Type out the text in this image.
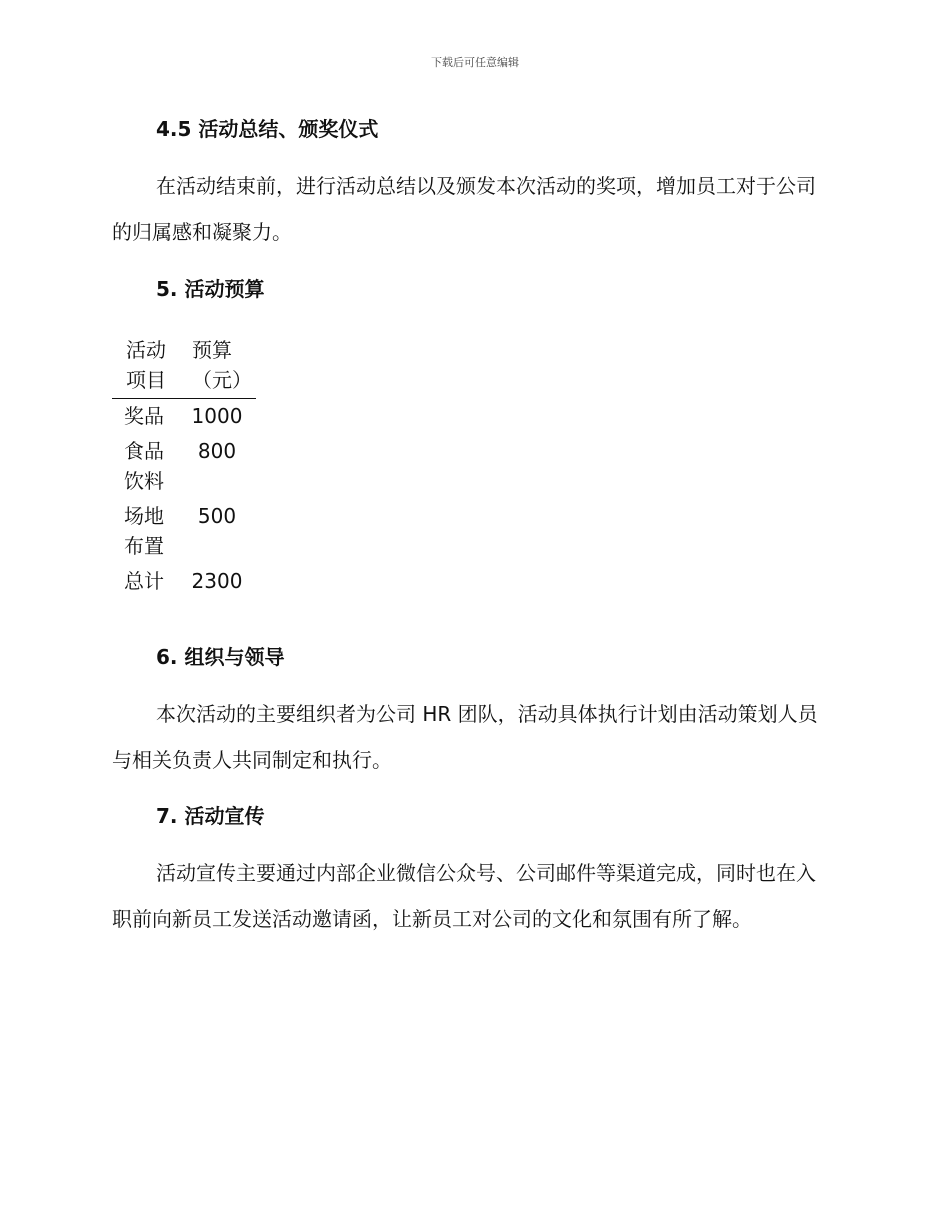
下载后可任意编辑
4.5 活动总结、颁奖仪式

在活动结束前，进行活动总结以及颁发本次活动的奖项，增加员工对于公司的归属感和凝聚力。

5. 活动预算
活动项目	预算（元）

奖品	1000

食品饮料	800

场地布置	500

总计	2300
6. 组织与领导

本次活动的主要组织者为公司 HR 团队，活动具体执行计划由活动策划人员与相关负责人共同制定和执行。

7. 活动宣传

活动宣传主要通过内部企业微信公众号、公司邮件等渠道完成，同时也在入职前向新员工发送活动邀请函，让新员工对公司的文化和氛围有所了解。
